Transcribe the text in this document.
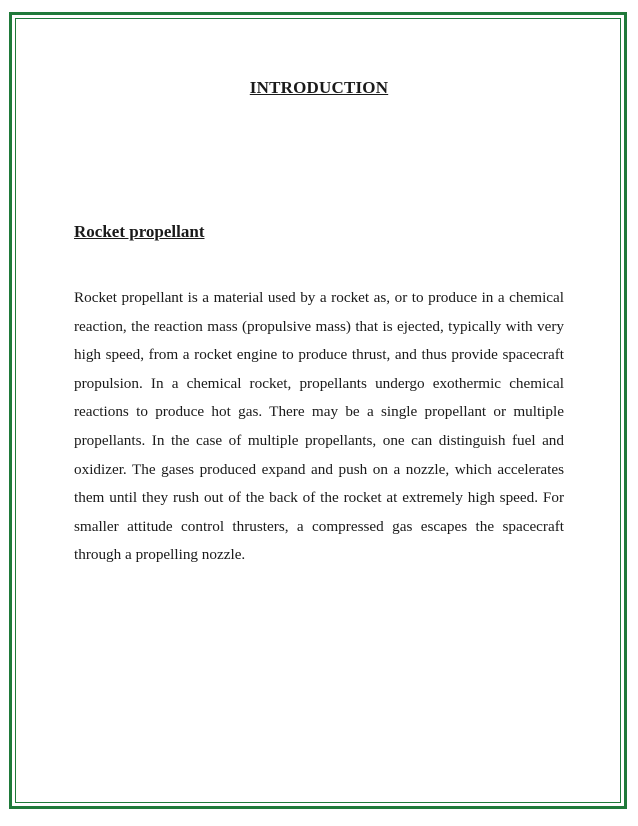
INTRODUCTION
Rocket propellant

Rocket propellant is a material used by a rocket as, or to produce in a chemical reaction, the reaction mass (propulsive mass) that is ejected, typically with very high speed, from a rocket engine to produce thrust, and thus provide spacecraft propulsion. In a chemical rocket, propellants undergo exothermic chemical reactions to produce hot gas. There may be a single propellant or multiple propellants. In the case of multiple propellants, one can distinguish fuel and oxidizer. The gases produced expand and push on a nozzle, which accelerates them until they rush out of the back of the rocket at extremely high speed. For smaller attitude control thrusters, a compressed gas escapes the spacecraft through a propelling nozzle.
